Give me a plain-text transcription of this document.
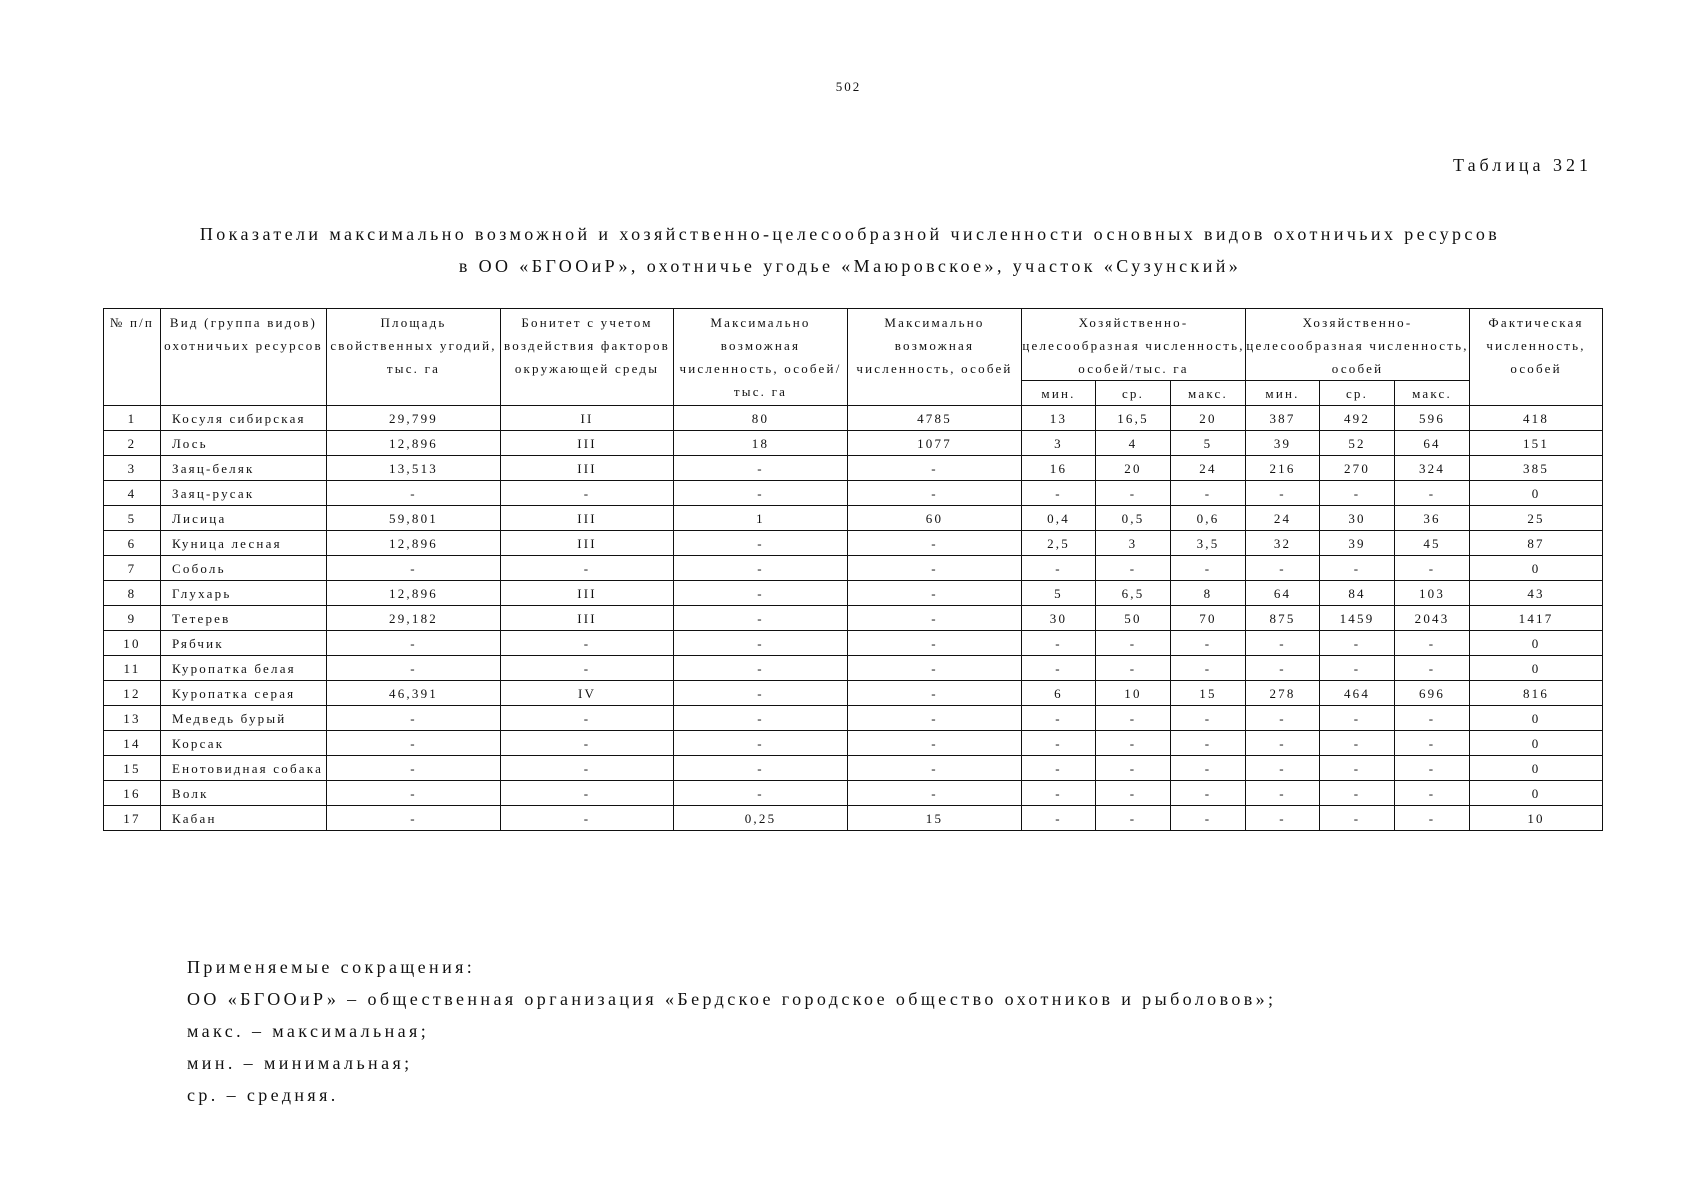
502
Таблица 321
Показатели максимально возможной и хозяйственно-целесообразной численности основных видов охотничьих ресурсов
в ОО «БГООиР», охотничье угодье «Маюровское», участок «Сузунский»
№ п/п	Вид (группа видов) охотничьих ресурсов	Площадь свойственных угодий, тыс. га	Бонитет с учетом воздействия факторов окружающей среды	Максимально возможная численность, особей/тыс. га	Максимально возможная численность, особей	Хозяйственно-целесообразная численность, особей/тыс. га			Хозяйственно-целесообразная численность, особей			Фактическая численность, особей
						мин.	ср.	макс.	мин.	ср.	макс.	
1	Косуля сибирская	29,799	II	80	4785	13	16,5	20	387	492	596	418
2	Лось	12,896	III	18	1077	3	4	5	39	52	64	151
3	Заяц-беляк	13,513	III	-	-	16	20	24	216	270	324	385
4	Заяц-русак	-	-	-	-	-	-	-	-	-	-	0
5	Лисица	59,801	III	1	60	0,4	0,5	0,6	24	30	36	25
6	Куница лесная	12,896	III	-	-	2,5	3	3,5	32	39	45	87
7	Соболь	-	-	-	-	-	-	-	-	-	-	0
8	Глухарь	12,896	III	-	-	5	6,5	8	64	84	103	43
9	Тетерев	29,182	III	-	-	30	50	70	875	1459	2043	1417
10	Рябчик	-	-	-	-	-	-	-	-	-	-	0
11	Куропатка белая	-	-	-	-	-	-	-	-	-	-	0
12	Куропатка серая	46,391	IV	-	-	6	10	15	278	464	696	816
13	Медведь бурый	-	-	-	-	-	-	-	-	-	-	0
14	Корсак	-	-	-	-	-	-	-	-	-	-	0
15	Енотовидная собака	-	-	-	-	-	-	-	-	-	-	0
16	Волк	-	-	-	-	-	-	-	-	-	-	0
17	Кабан	-	-	0,25	15	-	-	-	-	-	-	10
Применяемые сокращения:
ОО «БГООиР» – общественная организация «Бердское городское общество охотников и рыболовов»;
макс. – максимальная;
мин. – минимальная;
ср. – средняя.
